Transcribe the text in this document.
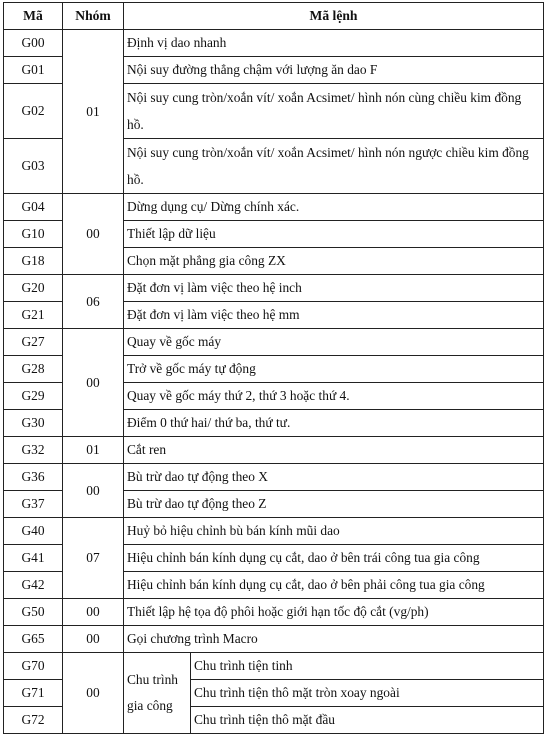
Mã	Nhóm	Mã lệnh	
G00	01	Định vị dao nhanh	
G01		Nội suy đường thẳng chậm với lượng ăn dao F	
G02		Nội suy cung tròn/xoắn vít/ xoắn Acsimet/ hình nón cùng chiều kim đồng hồ.	
G03		Nội suy cung tròn/xoắn vít/ xoắn Acsimet/ hình nón ngược chiều kim đồng hồ.	
G04	00	Dừng dụng cụ/ Dừng chính xác.	
G10		Thiết lập dữ liệu	
G18		Chọn mặt phẳng gia công ZX	
G20	06	Đặt đơn vị làm việc theo hệ inch	
G21		Đặt đơn vị làm việc theo hệ mm	
G27	00	Quay về gốc máy	
G28		Trở về gốc máy tự động	
G29		Quay về gốc máy thứ 2, thứ 3 hoặc thứ 4.	
G30		Điểm 0 thứ hai/ thứ ba, thứ tư.	
G32	01	Cắt ren	
G36	00	Bù trừ dao tự động theo X	
G37		Bù trừ dao tự động theo Z	
G40	07	Huỷ bỏ hiệu chỉnh bù bán kính mũi dao	
G41		Hiệu chỉnh bán kính dụng cụ cắt, dao ở bên trái công tua gia công	
G42		Hiệu chỉnh bán kính dụng cụ cắt, dao ở bên phải công tua gia công	
G50	00	Thiết lập hệ tọa độ phôi hoặc giới hạn tốc độ cắt (vg/ph)	
G65	00	Gọi chương trình Macro	
G70	00	Chu trình gia công	Chu trình tiện tinh
G71			Chu trình tiện thô mặt tròn xoay ngoài
G72			Chu trình tiện thô mặt đầu
